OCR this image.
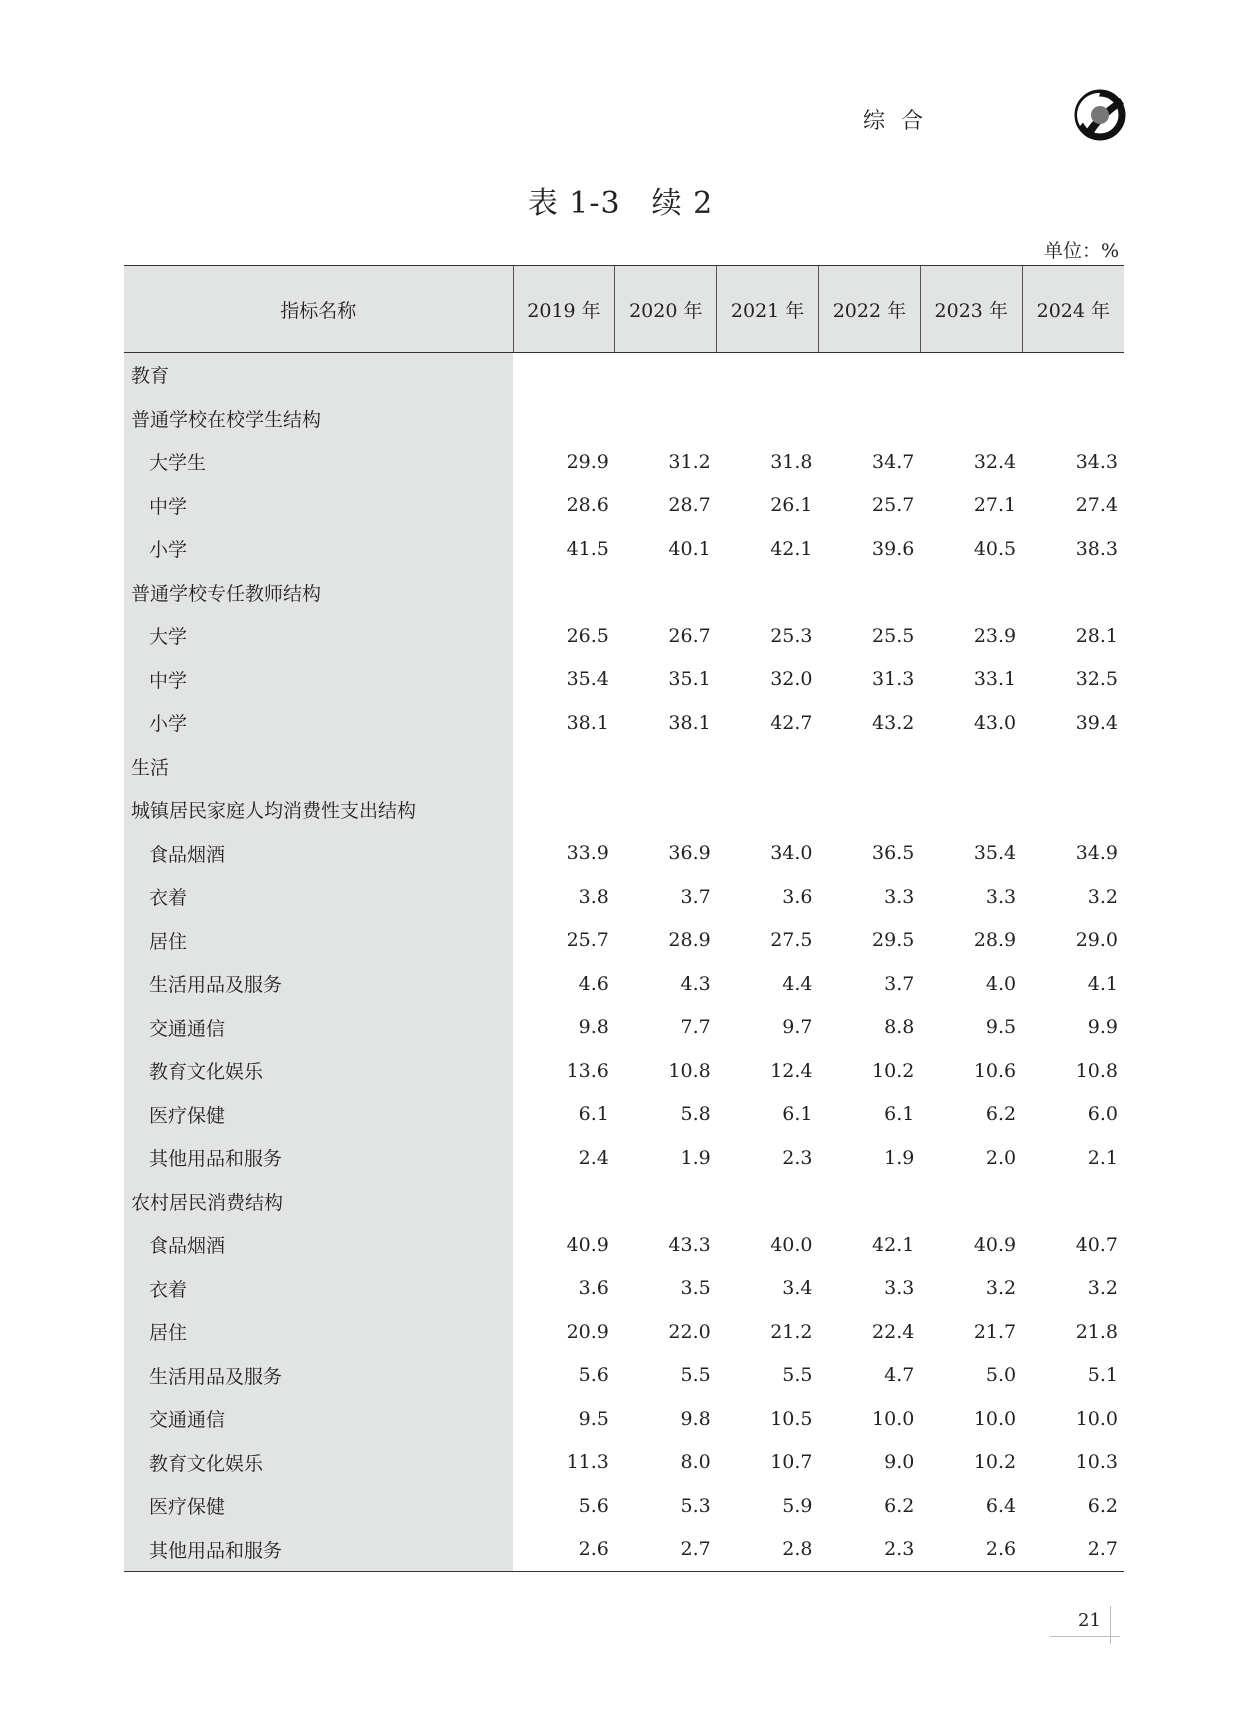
综合
表 1-3　续 2
单位：%
指标名称	2019 年	2020 年	2021 年	2022 年	2023 年	2024 年
教育						
普通学校在校学生结构						
大学生	29.9	31.2	31.8	34.7	32.4	34.3
中学	28.6	28.7	26.1	25.7	27.1	27.4
小学	41.5	40.1	42.1	39.6	40.5	38.3
普通学校专任教师结构						
大学	26.5	26.7	25.3	25.5	23.9	28.1
中学	35.4	35.1	32.0	31.3	33.1	32.5
小学	38.1	38.1	42.7	43.2	43.0	39.4
生活						
城镇居民家庭人均消费性支出结构						
食品烟酒	33.9	36.9	34.0	36.5	35.4	34.9
衣着	3.8	3.7	3.6	3.3	3.3	3.2
居住	25.7	28.9	27.5	29.5	28.9	29.0
生活用品及服务	4.6	4.3	4.4	3.7	4.0	4.1
交通通信	9.8	7.7	9.7	8.8	9.5	9.9
教育文化娱乐	13.6	10.8	12.4	10.2	10.6	10.8
医疗保健	6.1	5.8	6.1	6.1	6.2	6.0
其他用品和服务	2.4	1.9	2.3	1.9	2.0	2.1
农村居民消费结构						
食品烟酒	40.9	43.3	40.0	42.1	40.9	40.7
衣着	3.6	3.5	3.4	3.3	3.2	3.2
居住	20.9	22.0	21.2	22.4	21.7	21.8
生活用品及服务	5.6	5.5	5.5	4.7	5.0	5.1
交通通信	9.5	9.8	10.5	10.0	10.0	10.0
教育文化娱乐	11.3	8.0	10.7	9.0	10.2	10.3
医疗保健	5.6	5.3	5.9	6.2	6.4	6.2
其他用品和服务	2.6	2.7	2.8	2.3	2.6	2.7
21
